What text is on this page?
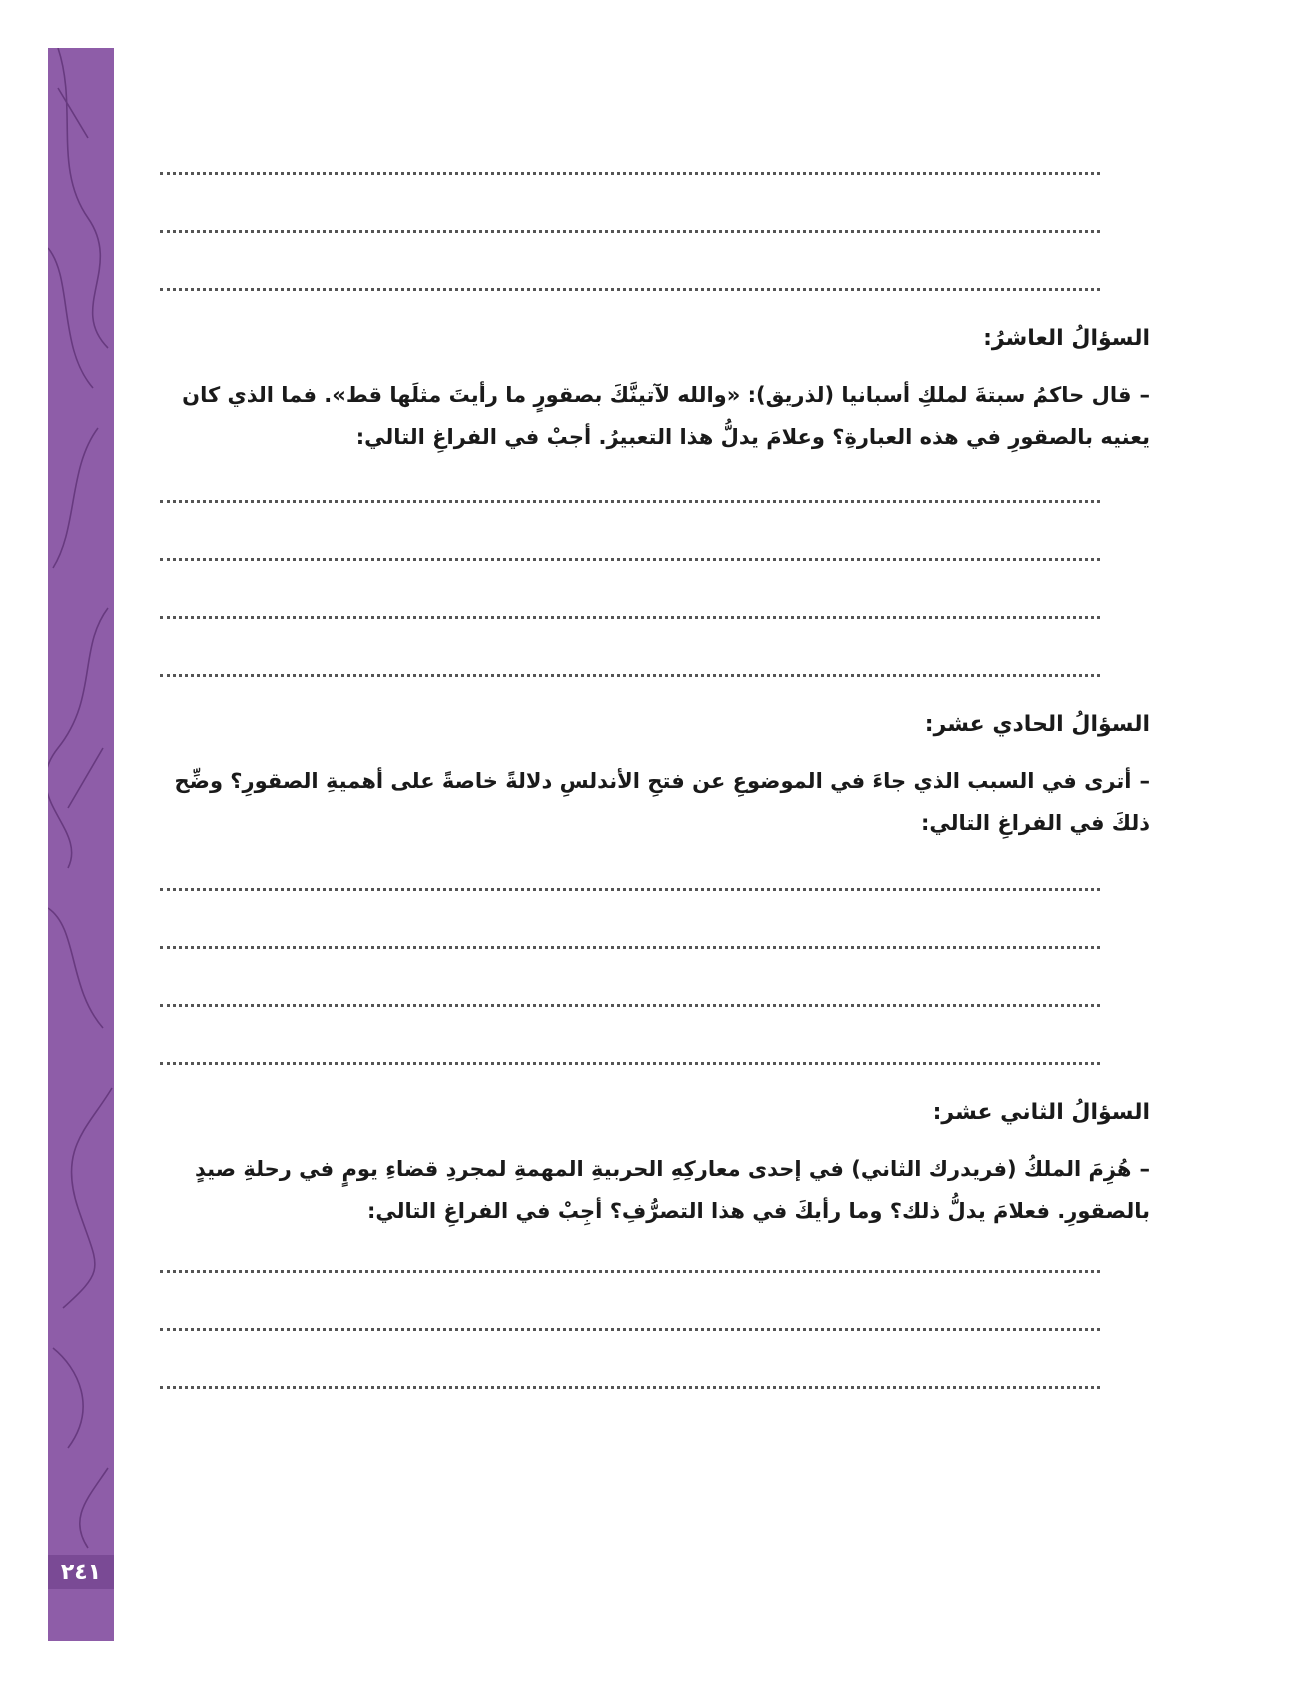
٢٤١
السؤالُ العاشرُ:
–قال حاكمُ سبتةَ لملكِ أسبانيا (لذريق): «والله لآتينَّكَ بصقورٍ ما رأيتَ مثلَها قط». فما الذي كان يعنيه بالصقورِ في هذه العبارةِ؟ وعلامَ يدلُّ هذا التعبيرُ. أجبْ في الفراغِ التالي:
السؤالُ الحادي عشر:
–أترى في السبب الذي جاءَ في الموضوعِ عن فتحِ الأندلسِ دلالةً خاصةً على أهميةِ الصقورِ؟ وضِّح ذلكَ في الفراغِ التالي:
السؤالُ الثاني عشر:
–هُزِمَ الملكُ (فريدرك الثاني) في إحدى معاركِهِ الحربيةِ المهمةِ لمجردِ قضاءِ يومٍ في رحلةِ صيدٍ بالصقورِ. فعلامَ يدلُّ ذلك؟ وما رأيكَ في هذا التصرُّفِ؟ أجِبْ في الفراغِ التالي:
